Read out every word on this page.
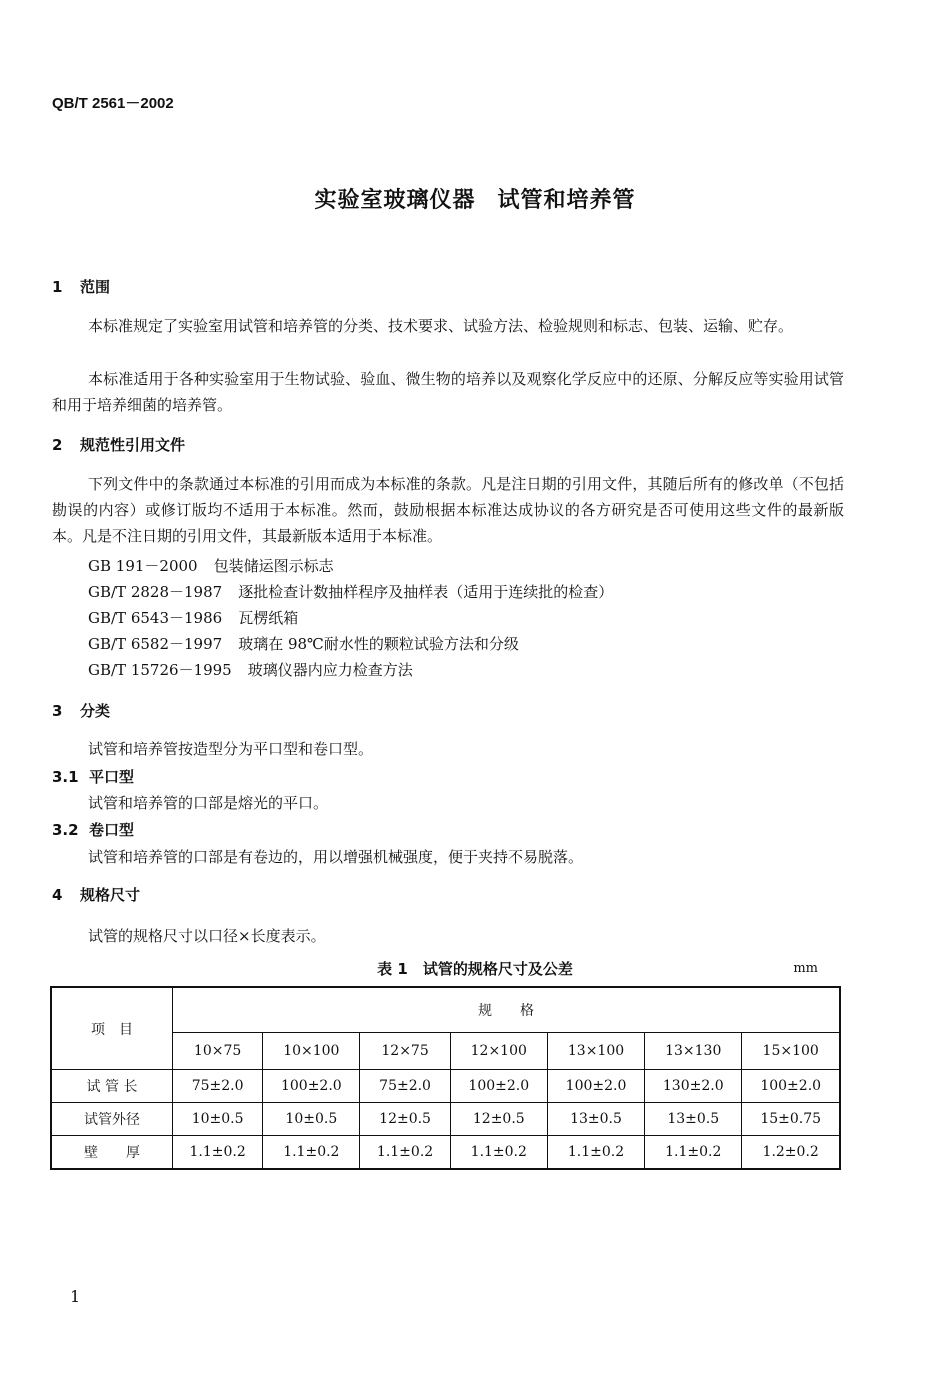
QB/T 2561－2002
实验室玻璃仪器 试管和培养管
1 范围
本标准规定了实验室用试管和培养管的分类、技术要求、试验方法、检验规则和标志、包装、运输、贮存。
本标准适用于各种实验室用于生物试验、验血、微生物的培养以及观察化学反应中的还原、分解反应等实验用试管和用于培养细菌的培养管。
2 规范性引用文件
下列文件中的条款通过本标准的引用而成为本标准的条款。凡是注日期的引用文件，其随后所有的修改单（不包括勘误的内容）或修订版均不适用于本标准。然而，鼓励根据本标准达成协议的各方研究是否可使用这些文件的最新版本。凡是不注日期的引用文件，其最新版本适用于本标准。
GB 191－2000 包装储运图示标志
GB/T 2828－1987 逐批检查计数抽样程序及抽样表（适用于连续批的检查）
GB/T 6543－1986 瓦楞纸箱
GB/T 6582－1997 玻璃在 98℃耐水性的颗粒试验方法和分级
GB/T 15726－1995 玻璃仪器内应力检查方法
3 分类
试管和培养管按造型分为平口型和卷口型。
3.1 平口型
试管和培养管的口部是熔光的平口。
3.2 卷口型
试管和培养管的口部是有卷边的，用以增强机械强度，便于夹持不易脱落。
4 规格尺寸
试管的规格尺寸以口径×长度表示。
表 1　试管的规格尺寸及公差	mm
项　目	规　　格						
	10×75	10×100	12×75	12×100	13×100	13×130	15×100
试 管 长	75±2.0	100±2.0	75±2.0	100±2.0	100±2.0	130±2.0	100±2.0
试管外径	10±0.5	10±0.5	12±0.5	12±0.5	13±0.5	13±0.5	15±0.75
壁　　厚	1.1±0.2	1.1±0.2	1.1±0.2	1.1±0.2	1.1±0.2	1.1±0.2	1.2±0.2
1
